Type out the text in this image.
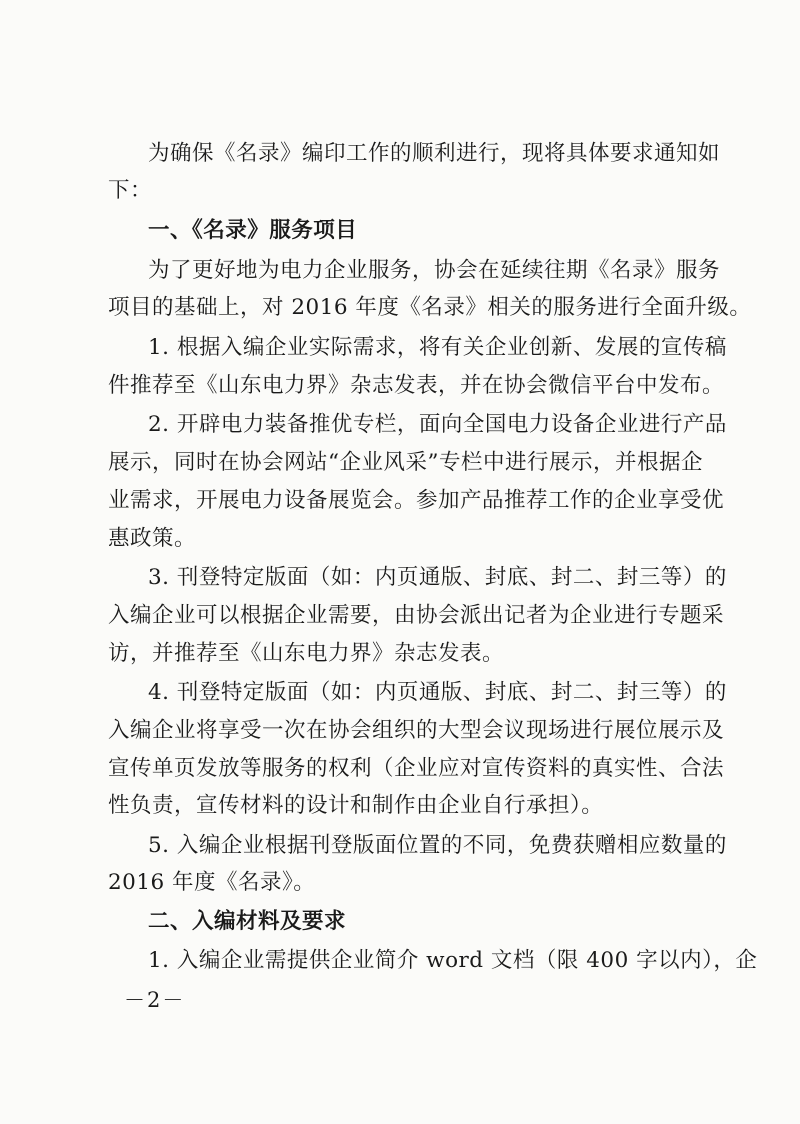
为确保《名录》编印工作的顺利进行，现将具体要求通知如
下：
一、《名录》服务项目
为了更好地为电力企业服务，协会在延续往期《名录》服务
项目的基础上，对 2016 年度《名录》相关的服务进行全面升级。
1. 根据入编企业实际需求，将有关企业创新、发展的宣传稿
件推荐至《山东电力界》杂志发表，并在协会微信平台中发布。
2. 开辟电力装备推优专栏，面向全国电力设备企业进行产品
展示，同时在协会网站“企业风采”专栏中进行展示，并根据企
业需求，开展电力设备展览会。参加产品推荐工作的企业享受优
惠政策。
3. 刊登特定版面（如：内页通版、封底、封二、封三等）的
入编企业可以根据企业需要，由协会派出记者为企业进行专题采
访，并推荐至《山东电力界》杂志发表。
4. 刊登特定版面（如：内页通版、封底、封二、封三等）的
入编企业将享受一次在协会组织的大型会议现场进行展位展示及
宣传单页发放等服务的权利（企业应对宣传资料的真实性、合法
性负责，宣传材料的设计和制作由企业自行承担）。
5. 入编企业根据刊登版面位置的不同，免费获赠相应数量的
2016 年度《名录》。
二、入编材料及要求
1. 入编企业需提供企业简介 word 文档（限 400 字以内），企
－2－
